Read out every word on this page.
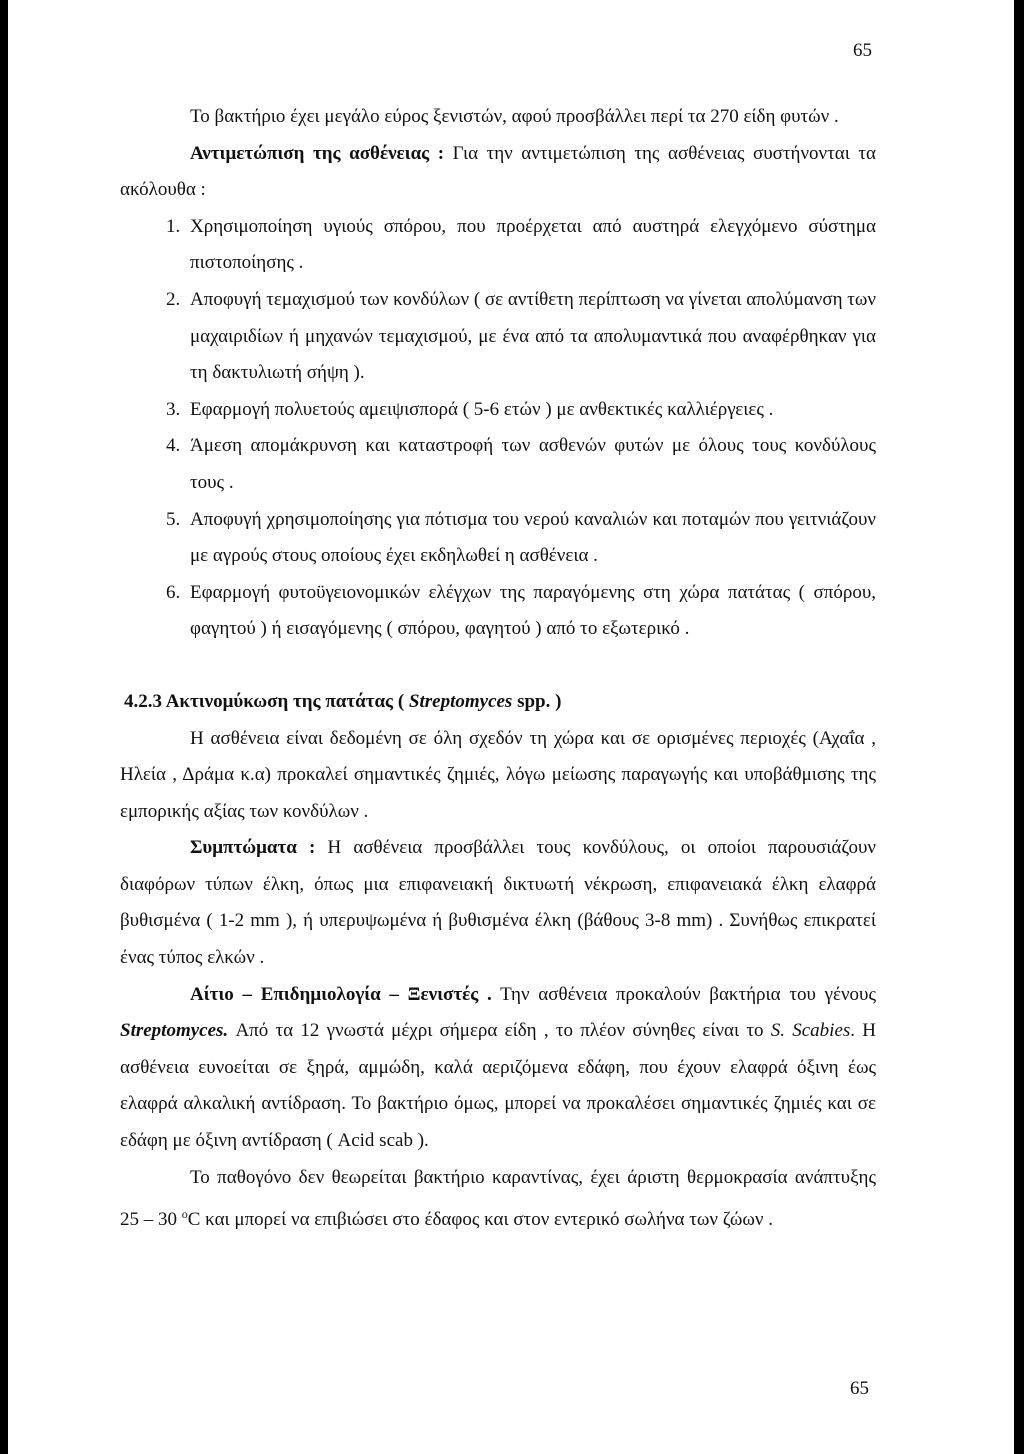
65

Το βακτήριο έχει μεγάλο εύρος ξενιστών, αφού προσβάλλει περί τα 270 είδη φυτών .

Αντιμετώπιση της ασθένειας : Για την αντιμετώπιση της ασθένειας συστήνονται τα ακόλουθα :

1. Χρησιμοποίηση υγιούς σπόρου, που προέρχεται από αυστηρά ελεγχόμενο σύστημα πιστοποίησης .
2. Αποφυγή τεμαχισμού των κονδύλων ( σε αντίθετη περίπτωση να γίνεται απολύμανση των μαχαιριδίων ή μηχανών τεμαχισμού, με ένα από τα απολυμαντικά που αναφέρθηκαν για τη δακτυλιωτή σήψη ).
3. Εφαρμογή πολυετούς αμειψισπορά ( 5-6 ετών ) με ανθεκτικές καλλιέργειες .
4. Άμεση απομάκρυνση και καταστροφή των ασθενών φυτών με όλους τους κονδύλους τους .
5. Αποφυγή χρησιμοποίησης για πότισμα του νερού καναλιών και ποταμών που γειτνιάζουν με αγρούς στους οποίους έχει εκδηλωθεί η ασθένεια .
6. Εφαρμογή φυτοϋγειονομικών ελέγχων της παραγόμενης στη χώρα πατάτας ( σπόρου, φαγητού ) ή εισαγόμενης ( σπόρου, φαγητού ) από το εξωτερικό .

4.2.3 Ακτινομύκωση της πατάτας ( Streptomyces spp. )

Η ασθένεια είναι δεδομένη σε όλη σχεδόν τη χώρα και σε ορισμένες περιοχές (Αχαΐα , Ηλεία , Δράμα κ.α) προκαλεί σημαντικές ζημιές, λόγω μείωσης παραγωγής και υποβάθμισης της εμπορικής αξίας των κονδύλων .

Συμπτώματα : Η ασθένεια προσβάλλει τους κονδύλους, οι οποίοι παρουσιάζουν διαφόρων τύπων έλκη, όπως μια επιφανειακή δικτυωτή νέκρωση, επιφανειακά έλκη ελαφρά βυθισμένα ( 1-2 mm ), ή υπερυψωμένα ή βυθισμένα έλκη (βάθους 3-8 mm) . Συνήθως επικρατεί ένας τύπος ελκών .

Αίτιο – Επιδημιολογία – Ξενιστές . Την ασθένεια προκαλούν βακτήρια του γένους Streptomyces. Από τα 12 γνωστά μέχρι σήμερα είδη , το πλέον σύνηθες είναι το S. Scabies. Η ασθένεια ευνοείται σε ξηρά, αμμώδη, καλά αεριζόμενα εδάφη, που έχουν ελαφρά όξινη έως ελαφρά αλκαλική αντίδραση. Το βακτήριο όμως, μπορεί να προκαλέσει σημαντικές ζημιές και σε εδάφη με όξινη αντίδραση ( Acid scab ).

Το παθογόνο δεν θεωρείται βακτήριο καραντίνας, έχει άριστη θερμοκρασία ανάπτυξης 25 – 30 $^o$C και μπορεί να επιβιώσει στο έδαφος και στον εντερικό σωλήνα των ζώων .

65
